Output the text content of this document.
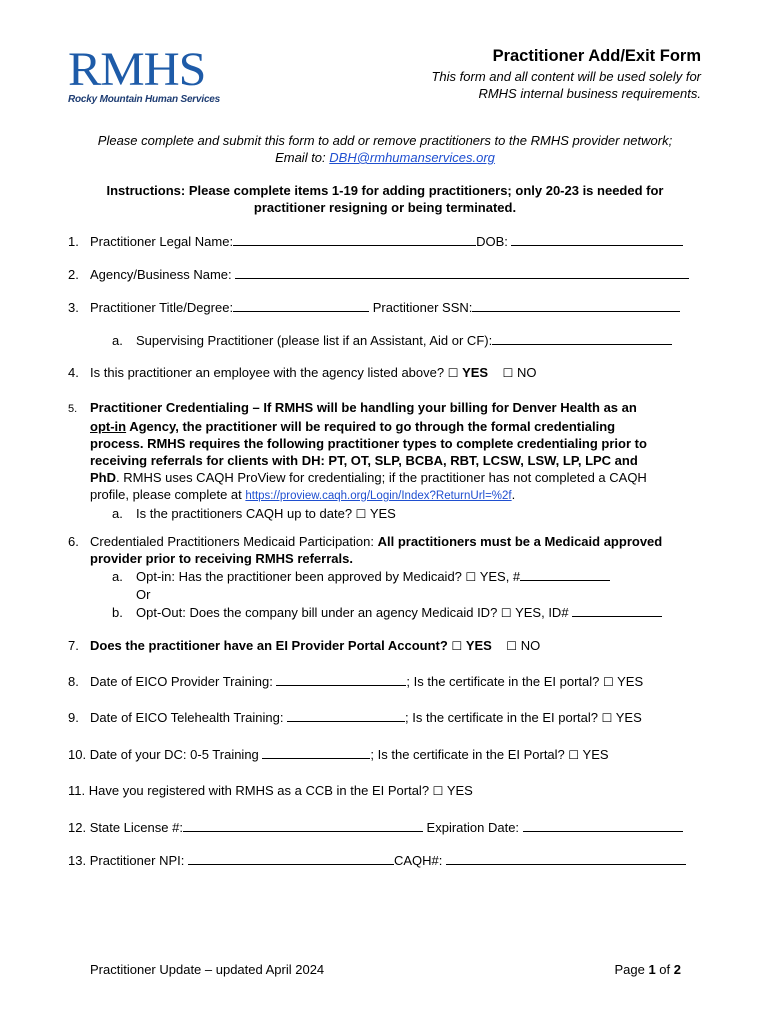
RMHS
Rocky Mountain Human Services
Practitioner Add/Exit Form
This form and all content will be used solely for
RMHS internal business requirements.
Please complete and submit this form to add or remove practitioners to the RMHS provider network;
Email to: DBH@rmhumanservices.org
Instructions: Please complete items 1-19 for adding practitioners; only 20-23 is needed for
practitioner resigning or being terminated.
1. Practitioner Legal Name:	DOB:
2. Agency/Business Name:
3. Practitioner Title/Degree:	Practitioner SSN:
a. Supervising Practitioner (please list if an Assistant, Aid or CF):
4. Is this practitioner an employee with the agency listed above? ☐ YES ☐ NO
5. Practitioner Credentialing – If RMHS will be handling your billing for Denver Health as an
opt-in Agency, the practitioner will be required to go through the formal credentialing
process. RMHS requires the following practitioner types to complete credentialing prior to
receiving referrals for clients with DH: PT, OT, SLP, BCBA, RBT, LCSW, LSW, LP, LPC and
PhD. RMHS uses CAQH ProView for credentialing; if the practitioner has not completed a CAQH
profile, please complete at https://proview.caqh.org/Login/Index?ReturnUrl=%2f.
a. Is the practitioners CAQH up to date? ☐ YES
6. Credentialed Practitioners Medicaid Participation: All practitioners must be a Medicaid approved
provider prior to receiving RMHS referrals.
a. Opt-in: Has the practitioner been approved by Medicaid? ☐ YES, #
Or
b. Opt-Out: Does the company bill under an agency Medicaid ID? ☐ YES, ID#
7. Does the practitioner have an EI Provider Portal Account? ☐ YES ☐ NO
8. Date of EICO Provider Training:	; Is the certificate in the EI portal? ☐ YES
9. Date of EICO Telehealth Training:	; Is the certificate in the EI portal? ☐ YES
10. Date of your DC: 0-5 Training	; Is the certificate in the EI Portal? ☐ YES
11. Have you registered with RMHS as a CCB in the EI Portal? ☐ YES
12. State License #:	Expiration Date:
13. Practitioner NPI:	CAQH#:
Practitioner Update – updated April 2024	Page 1 of 2
